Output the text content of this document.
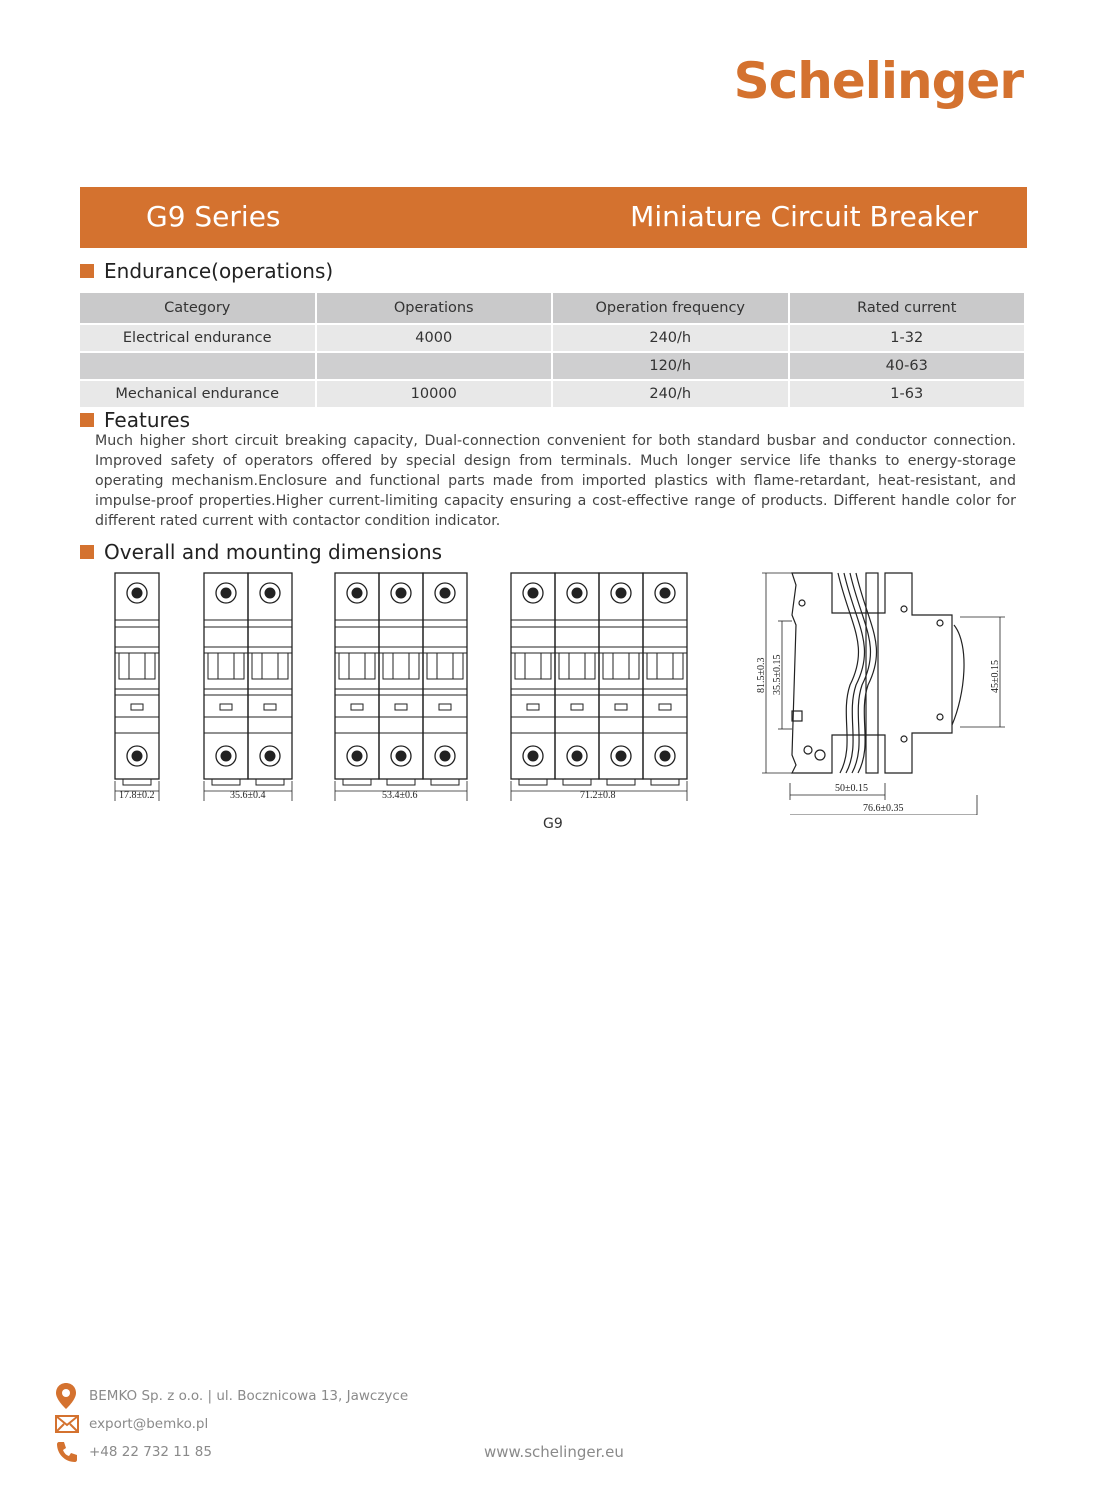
Schelinger
G9 Series	Miniature Circuit Breaker
Endurance(operations)
Category	Operations	Operation frequency	Rated current
Electrical endurance	4000	240/h	1-32
		120/h	40-63
Mechanical endurance	10000	240/h	1-63
Features
Much higher short circuit breaking capacity, Dual-connection convenient for both standard busbar and conductor connection. Improved safety of operators offered by special design from terminals. Much longer service life thanks to energy-storage operating mechanism.Enclosure and functional parts made from imported plastics with flame-retardant, heat-resistant, and impulse-proof properties.Higher current-limiting capacity ensuring a cost-effective range of products. Different handle color for different rated current with contactor condition indicator.
Overall and mounting dimensions
17.8±0.2	35.6±0.4	53.4±0.6	71.2±0.8
81.5±0.3 35.5±0.15	45±0.15
50±0.15
76.6±0.35
G9
BEMKO Sp. z o.o. | ul. Bocznicowa 13, Jawczyce
export@bemko.pl
+48 22 732 11 85	www.schelinger.eu
